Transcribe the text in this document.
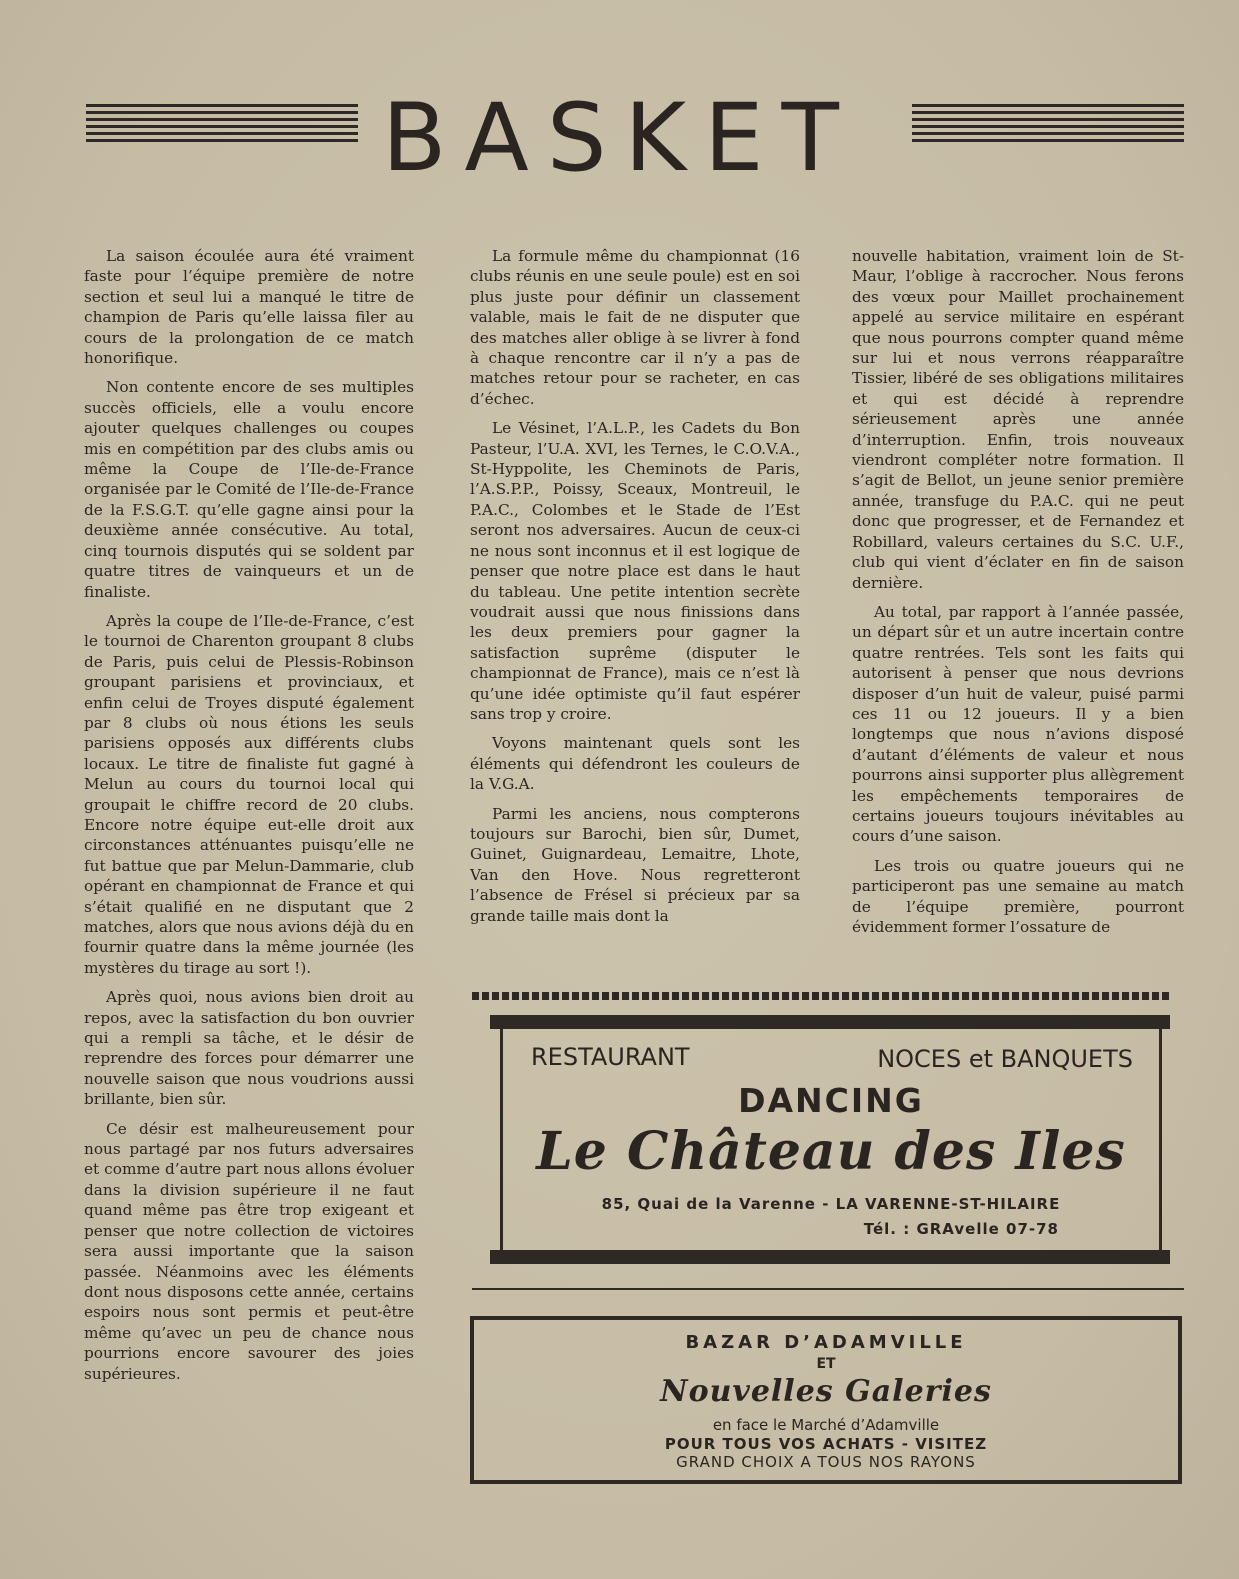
BASKET

La saison écoulée aura été vraiment faste pour l’équipe première de notre section et seul lui a manqué le titre de champion de Paris qu’elle laissa filer au cours de la prolongation de ce match honorifique.

Non contente encore de ses multiples succès officiels, elle a voulu encore ajouter quelques challenges ou coupes mis en compétition par des clubs amis ou même la Coupe de l’Ile-de-France organisée par le Comité de l’Ile-de-France de la F.S.G.T. qu’elle gagne ainsi pour la deuxième année consécutive. Au total, cinq tournois disputés qui se soldent par quatre titres de vainqueurs et un de finaliste.

Après la coupe de l’Ile-de-France, c’est le tournoi de Charenton groupant 8 clubs de Paris, puis celui de Plessis-Robinson groupant parisiens et provinciaux, et enfin celui de Troyes disputé également par 8 clubs où nous étions les seuls parisiens opposés aux différents clubs locaux. Le titre de finaliste fut gagné à Melun au cours du tournoi local qui groupait le chiffre record de 20 clubs. Encore notre équipe eut-elle droit aux circonstances atténuantes puisqu’elle ne fut battue que par Melun-Dammarie, club opérant en championnat de France et qui s’était qualifié en ne disputant que 2 matches, alors que nous avions déjà du en fournir quatre dans la même journée (les mystères du tirage au sort !).

Après quoi, nous avions bien droit au repos, avec la satisfaction du bon ouvrier qui a rempli sa tâche, et le désir de reprendre des forces pour démarrer une nouvelle saison que nous voudrions aussi brillante, bien sûr.

Ce désir est malheureusement pour nous partagé par nos futurs adversaires et comme d’autre part nous allons évoluer dans la division supérieure il ne faut quand même pas être trop exigeant et penser que notre collection de victoires sera aussi importante que la saison passée. Néanmoins avec les éléments dont nous disposons cette année, certains espoirs nous sont permis et peut-être même qu’avec un peu de chance nous pourrions encore savourer des joies supérieures.

La formule même du championnat (16 clubs réunis en une seule poule) est en soi plus juste pour définir un classement valable, mais le fait de ne disputer que des matches aller oblige à se livrer à fond à chaque rencontre car il n’y a pas de matches retour pour se racheter, en cas d’échec.

Le Vésinet, l’A.L.P., les Cadets du Bon Pasteur, l’U.A. XVI, les Ternes, le C.O.V.A., St-Hyppolite, les Cheminots de Paris, l’A.S.P.P., Poissy, Sceaux, Montreuil, le P.A.C., Colombes et le Stade de l’Est seront nos adversaires. Aucun de ceux-ci ne nous sont inconnus et il est logique de penser que notre place est dans le haut du tableau. Une petite intention secrète voudrait aussi que nous finissions dans les deux premiers pour gagner la satisfaction suprême (disputer le championnat de France), mais ce n’est là qu’une idée optimiste qu’il faut espérer sans trop y croire.

Voyons maintenant quels sont les éléments qui défendront les couleurs de la V.G.A.

Parmi les anciens, nous compterons toujours sur Barochi, bien sûr, Dumet, Guinet, Guignardeau, Lemaitre, Lhote, Van den Hove. Nous regretteront l’absence de Frésel si précieux par sa grande taille mais dont la

nouvelle habitation, vraiment loin de St-Maur, l’oblige à raccrocher. Nous ferons des vœux pour Maillet prochainement appelé au service militaire en espérant que nous pourrons compter quand même sur lui et nous verrons réapparaître Tissier, libéré de ses obligations militaires et qui est décidé à reprendre sérieusement après une année d’interruption. Enfin, trois nouveaux viendront compléter notre formation. Il s’agit de Bellot, un jeune senior première année, transfuge du P.A.C. qui ne peut donc que progresser, et de Fernandez et Robillard, valeurs certaines du S.C. U.F., club qui vient d’éclater en fin de saison dernière.

Au total, par rapport à l’année passée, un départ sûr et un autre incertain contre quatre rentrées. Tels sont les faits qui autorisent à penser que nous devrions disposer d’un huit de valeur, puisé parmi ces 11 ou 12 joueurs. Il y a bien longtemps que nous n’avions disposé d’autant d’éléments de valeur et nous pourrons ainsi supporter plus allègrement les empêchements temporaires de certains joueurs toujours inévitables au cours d’une saison.

Les trois ou quatre joueurs qui ne participeront pas une semaine au match de l’équipe première, pourront évidemment former l’ossature de

RESTAURANT	NOCES et BANQUETS
DANCING
Le Château des Iles
85, Quai de la Varenne - LA VARENNE-ST-HILAIRE
Tél. : GRAvelle 07-78
BAZAR D’ADAMVILLE
ET
Nouvelles Galeries
en face le Marché d’Adamville
POUR TOUS VOS ACHATS - VISITEZ
GRAND CHOIX A TOUS NOS RAYONS
